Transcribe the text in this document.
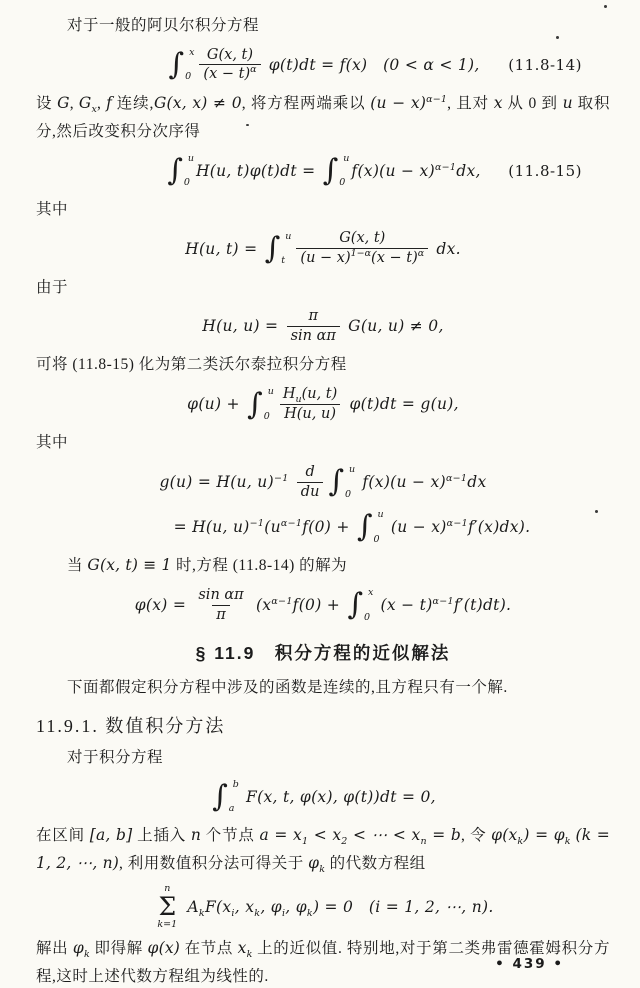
对于一般的阿贝尔积分方程

∫ x
$0 \frac{G(x, t)}{(x - t)^\alpha} \varphi(t)dt = f(x) (0 < \alpha < 1)$, (11.8-14)

设 G, $G_x$, f 连续,G(x, x) ≠ 0, 将方程两端乘以 $(u - x)^{\alpha-1}$, 且对 x 从 0 到 u 取积分,然后改变积分次序得

∫ u
0
H(u, t)φ(t)dt = ∫ u
0
$f(x)(u - x)^{\alpha-1}dx$, (11.8-15)

其中

H(u, t) = ∫ u
t $\frac{G(x, t)}{(u - x)^{1-\alpha}(x - t)^\alpha}$ dx.

由于

H(u, $u) = \frac{\pi}{\text{sin απ}} G(u$, u) ≠ 0,

可将 (11.8-15) 化为第二类沃尔泰拉积分方程

φ(u) + ∫ u
$0 \frac{H_u(u, t)}{H(u, u)} \varphi(t)dt = g(u)$,

其中

g(u) = H(u, $u)^{-1} \frac{d}{du}$ ∫ u
0
$f(x)(u - x)^{\alpha-1}dx$
= H(u, $u)^{-1}(u^{\alpha-1}f(0)$ + ∫ u
0
$(u - x)^{\alpha-1}f'(x)dx$).

当 G(x, t) ≡ 1 时,方程 (11.8-14) 的解为

$\varphi(x) = \frac{\text{sin απ}}{\pi} (x^{\alpha-1}f(0)$ + ∫ x
0
$(x - t)^{\alpha-1}f'(t)dt$).
§ 11.9　积分方程的近似解法

下面都假定积分方程中涉及的函数是连续的,且方程只有一个解.

11.9.1. 数值积分方法

对于积分方程

∫ b
a
F(x, t, φ(x), φ(t))dt = 0,

在区间 [a, b] 上插入 n 个节点 $a = x_1 < x_2$ < ⋯ < $x_n = b$, 令 $\varphi(x_k) = \varphi_k$ (k = 1, 2, ⋯, n), 利用数值积分法可得关于 $\varphi_k$ 的代数方程组

n
Σ
k=1
$A_kF(x_i$, $x_k$, $\varphi_i$, $\varphi_k) = 0$   (i = 1, 2, ⋯, n).

解出 $\varphi_k$ 即得解 φ(x) 在节点 $x_k$ 上的近似值. 特别地,对于第二类弗雷德霍姆积分方程,这时上述代数方程组为线性的.

• 439 •
